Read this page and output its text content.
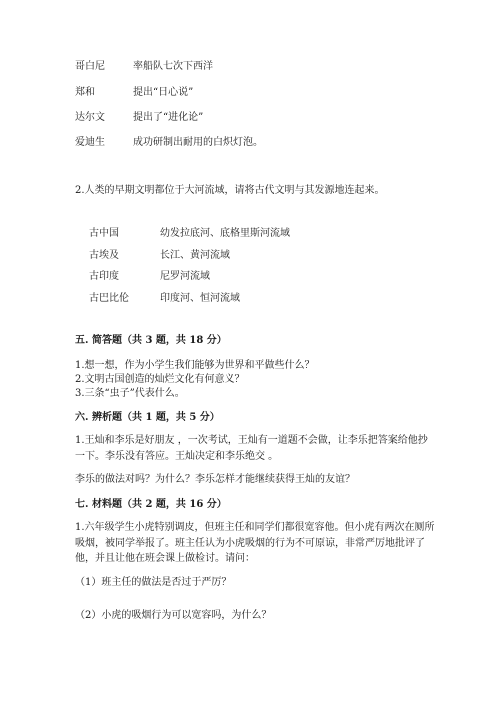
哥白尼	率船队七次下西洋
郑和	提出“日心说”
达尔文	提出了“进化论”
爱迪生	成功研制出耐用的白炽灯泡。
2.人类的早期文明都位于大河流域，请将古代文明与其发源地连起来。
古中国	幼发拉底河、底格里斯河流域
古埃及	长江、黄河流域
古印度	尼罗河流域
古巴比伦	印度河、恒河流域
五. 简答题（共 3 题，共 18 分）
1.想一想，作为小学生我们能够为世界和平做些什么？
2.文明古国创造的灿烂文化有何意义？
3.三条“虫子”代表什么。
六. 辨析题（共 1 题，共 5 分）
1.王灿和李乐是好朋友 ，一次考试，王灿有一道题不会做，让李乐把答案给他抄一下。李乐没有答应。王灿决定和李乐绝交 。
李乐的做法对吗？为什么？李乐怎样才能继续获得王灿的友谊？
七. 材料题（共 2 题，共 16 分）
1.六年级学生小虎特别调皮，但班主任和同学们都很宽容他。但小虎有两次在厕所吸烟，被同学举报了。班主任认为小虎吸烟的行为不可原谅，非常严厉地批评了他，并且让他在班会课上做检讨。请问：
（1）班主任的做法是否过于严厉？
（2）小虎的吸烟行为可以宽容吗，为什么？
